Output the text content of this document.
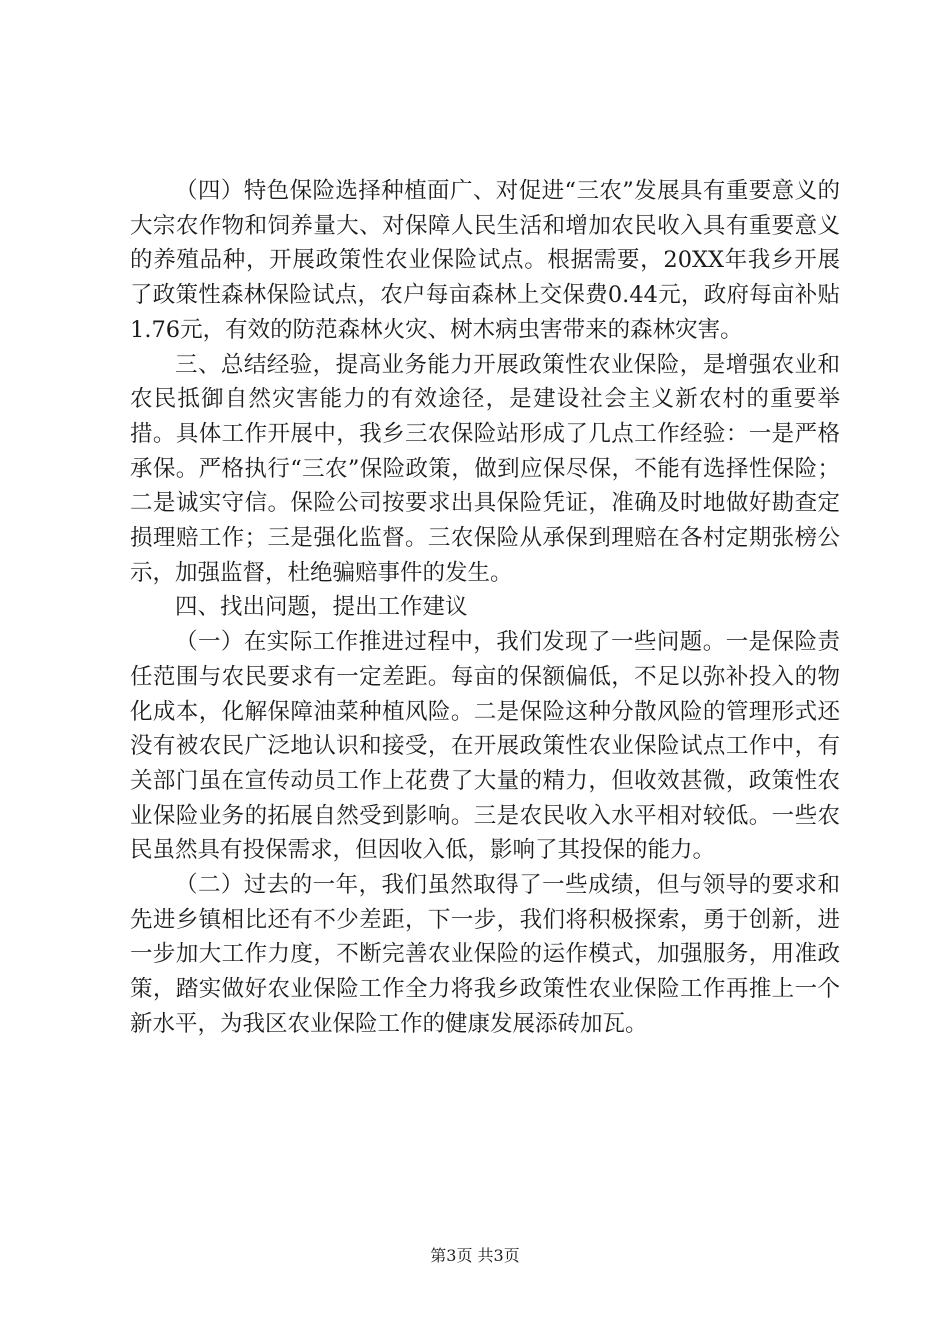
（四）特色保险选择种植面广、对促进“三农”发展具有重要意义的大宗农作物和饲养量大、对保障人民生活和增加农民收入具有重要意义的养殖品种，开展政策性农业保险试点。根据需要，20XX年我乡开展了政策性森林保险试点，农户每亩森林上交保费0.44元，政府每亩补贴1.76元，有效的防范森林火灾、树木病虫害带来的森林灾害。

三、总结经验，提高业务能力开展政策性农业保险，是增强农业和农民抵御自然灾害能力的有效途径，是建设社会主义新农村的重要举措。具体工作开展中，我乡三农保险站形成了几点工作经验：一是严格承保。严格执行“三农”保险政策，做到应保尽保，不能有选择性保险；二是诚实守信。保险公司按要求出具保险凭证，准确及时地做好勘查定损理赔工作；三是强化监督。三农保险从承保到理赔在各村定期张榜公示，加强监督，杜绝骗赔事件的发生。

四、找出问题，提出工作建议

（一）在实际工作推进过程中，我们发现了一些问题。一是保险责任范围与农民要求有一定差距。每亩的保额偏低，不足以弥补投入的物化成本，化解保障油菜种植风险。二是保险这种分散风险的管理形式还没有被农民广泛地认识和接受，在开展政策性农业保险试点工作中，有关部门虽在宣传动员工作上花费了大量的精力，但收效甚微，政策性农业保险业务的拓展自然受到影响。三是农民收入水平相对较低。一些农民虽然具有投保需求，但因收入低，影响了其投保的能力。

（二）过去的一年，我们虽然取得了一些成绩，但与领导的要求和先进乡镇相比还有不少差距，下一步，我们将积极探索，勇于创新，进一步加大工作力度，不断完善农业保险的运作模式，加强服务，用准政策，踏实做好农业保险工作全力将我乡政策性农业保险工作再推上一个新水平，为我区农业保险工作的健康发展添砖加瓦。

第3页 共3页
